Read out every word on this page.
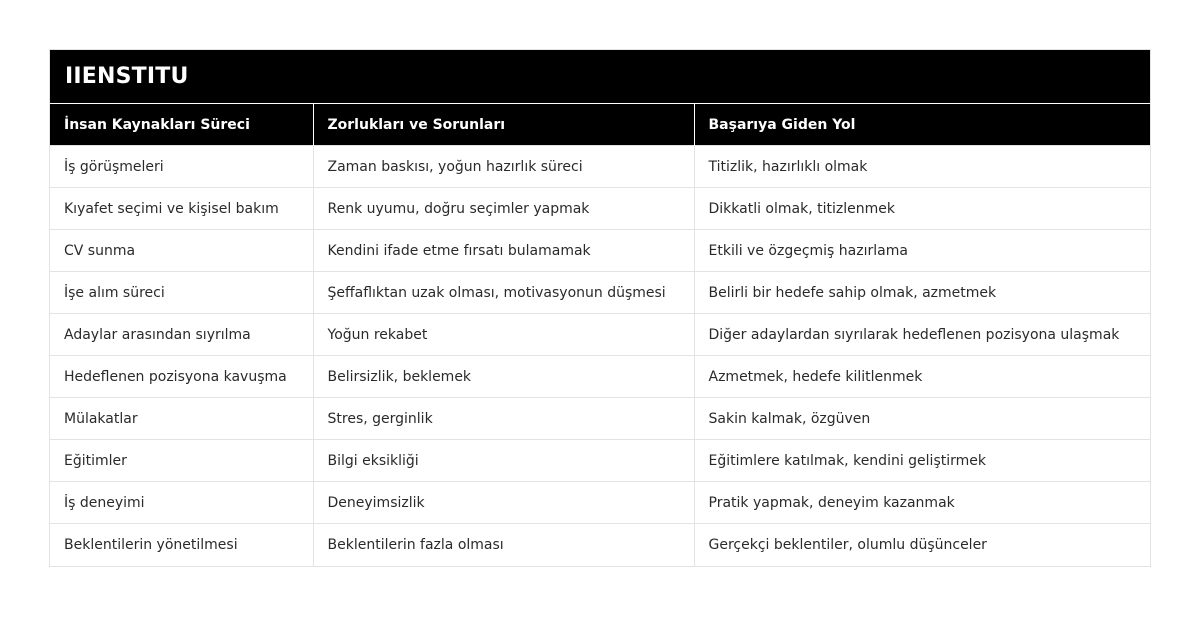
IIENSTITU
İnsan Kaynakları Süreci	Zorlukları ve Sorunları	Başarıya Giden Yol
İş görüşmeleri	Zaman baskısı, yoğun hazırlık süreci	Titizlik, hazırlıklı olmak
Kıyafet seçimi ve kişisel bakım	Renk uyumu, doğru seçimler yapmak	Dikkatli olmak, titizlenmek
CV sunma	Kendini ifade etme fırsatı bulamamak	Etkili ve özgeçmiş hazırlama
İşe alım süreci	Şeffaflıktan uzak olması, motivasyonun düşmesi	Belirli bir hedefe sahip olmak, azmetmek
Adaylar arasından sıyrılma	Yoğun rekabet	Diğer adaylardan sıyrılarak hedeflenen pozisyona ulaşmak
Hedeflenen pozisyona kavuşma	Belirsizlik, beklemek	Azmetmek, hedefe kilitlenmek
Mülakatlar	Stres, gerginlik	Sakin kalmak, özgüven
Eğitimler	Bilgi eksikliği	Eğitimlere katılmak, kendini geliştirmek
İş deneyimi	Deneyimsizlik	Pratik yapmak, deneyim kazanmak
Beklentilerin yönetilmesi	Beklentilerin fazla olması	Gerçekçi beklentiler, olumlu düşünceler
